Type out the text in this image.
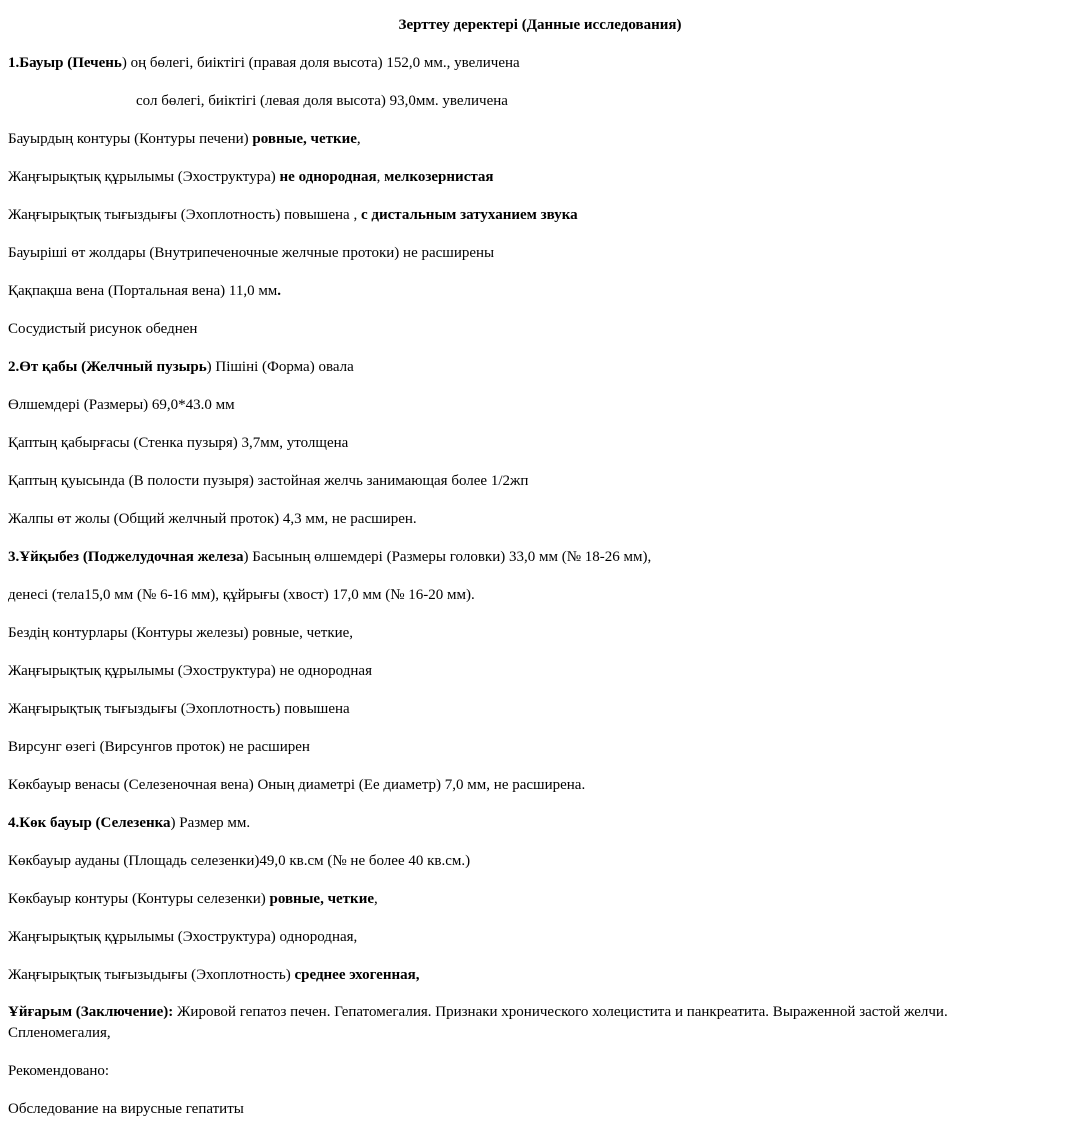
Зерттеу деректері (Данные исследования)
1.Бауыр (Печень) оң бөлегі, биіктігі (правая доля высота) 152,0 мм., увеличена
сол бөлегі, биіктігі (левая доля высота) 93,0мм. увеличена
Бауырдың контуры (Контуры печени) ровные, четкие,
Жаңғырықтық құрылымы (Эхоструктура) не однородная, мелкозернистая
Жаңғырықтық тығыздығы (Эхоплотность) повышена , с дистальным затуханием звука
Бауырішi өт жолдары (Внутрипеченочные желчные протоки) не расширены
Қақпақша вена (Портальная вена) 11,0 мм.
Сосудистый рисунок обеднен
2.Өт қабы (Желчный пузырь) Пішіні (Форма) овала
Өлшемдерi (Размеры) 69,0*43.0 мм
Қаптың қабырғасы (Стенка пузыря) 3,7мм, утолщена
Қаптың қуысында (В полости пузыря) застойная желчь занимающая более 1/2жп
Жалпы өт жолы (Общий желчный проток) 4,3 мм, не расширен.
3.Ұйқыбез (Поджелудочная железа) Басының өлшемдерi (Размеры головки) 33,0 мм (№ 18-26 мм),
денесі (тела15,0 мм (№ 6-16 мм), құйрығы (хвост) 17,0 мм (№ 16-20 мм).
Бездің контурлары (Контуры железы) ровные, четкие,
Жаңғырықтық құрылымы (Эхоструктура) не однородная
Жаңғырықтық тығыздығы (Эхоплотность) повышена
Вирсунг өзегі (Вирсунгов проток) не расширен
Көкбауыр венасы (Селезеночная вена) Оның диаметрі (Ее диаметр) 7,0 мм, не расширена.
4.Көк бауыр (Селезенка) Размер мм.
Көкбауыр ауданы (Площадь селезенки)49,0 кв.см (№ не более 40 кв.см.)
Көкбауыр контуры (Контуры селезенки) ровные, четкие,
Жаңғырықтық құрылымы (Эхоструктура) однородная,
Жаңғырықтық тығызыдығы (Эхоплотность) среднее эхогенная,
Ұйғарым (Заключение): Жировой гепатоз печен. Гепатомегалия. Признаки хронического холецистита и панкреатита. Выраженной застой желчи. Спленомегалия,
Рекомендовано:
Обследование на вирусные гепатиты
